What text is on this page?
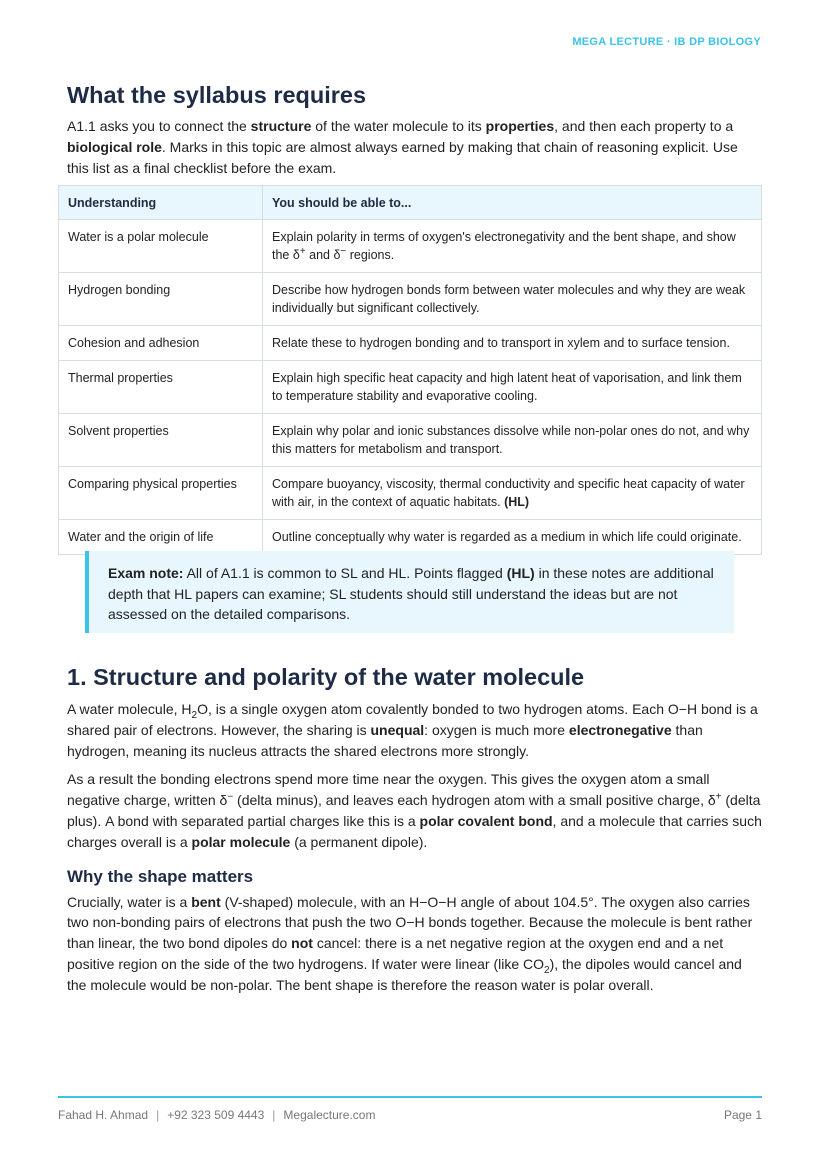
MEGA LECTURE · IB DP BIOLOGY
What the syllabus requires

A1.1 asks you to connect the structure of the water molecule to its properties, and then each property to a biological role. Marks in this topic are almost always earned by making that chain of reasoning explicit. Use this list as a final checklist before the exam.

Understanding	You should be able to...
Water is a polar molecule	Explain polarity in terms of oxygen's electronegativity and the bent shape, and show the δ+ and δ− regions.
Hydrogen bonding	Describe how hydrogen bonds form between water molecules and why they are weak individually but significant collectively.
Cohesion and adhesion	Relate these to hydrogen bonding and to transport in xylem and to surface tension.
Thermal properties	Explain high specific heat capacity and high latent heat of vaporisation, and link them to temperature stability and evaporative cooling.
Solvent properties	Explain why polar and ionic substances dissolve while non-polar ones do not, and why this matters for metabolism and transport.
Comparing physical properties	Compare buoyancy, viscosity, thermal conductivity and specific heat capacity of water with air, in the context of aquatic habitats. (HL)
Water and the origin of life	Outline conceptually why water is regarded as a medium in which life could originate.

Exam note: All of A1.1 is common to SL and HL. Points flagged (HL) in these notes are additional depth that HL papers can examine; SL students should still understand the ideas but are not assessed on the detailed comparisons.

1. Structure and polarity of the water molecule

A water molecule, $H_2O$, is a single oxygen atom covalently bonded to two hydrogen atoms. Each O−H bond is a shared pair of electrons. However, the sharing is unequal: oxygen is much more electronegative than hydrogen, meaning its nucleus attracts the shared electrons more strongly.

As a result the bonding electrons spend more time near the oxygen. This gives the oxygen atom a small negative charge, written δ− (delta minus), and leaves each hydrogen atom with a small positive charge, δ+ (delta plus). A bond with separated partial charges like this is a polar covalent bond, and a molecule that carries such charges overall is a polar molecule (a permanent dipole).

Why the shape matters

Crucially, water is a bent (V-shaped) molecule, with an H−O−H angle of about 104.5°. The oxygen also carries two non-bonding pairs of electrons that push the two O−H bonds together. Because the molecule is bent rather than linear, the two bond dipoles do not cancel: there is a net negative region at the oxygen end and a net positive region on the side of the two hydrogens. If water were linear (like $CO_2$), the dipoles would cancel and the molecule would be non-polar. The bent shape is therefore the reason water is polar overall.

Fahad H. Ahmad | +92 323 509 4443 | Megalecture.com	Page 1
